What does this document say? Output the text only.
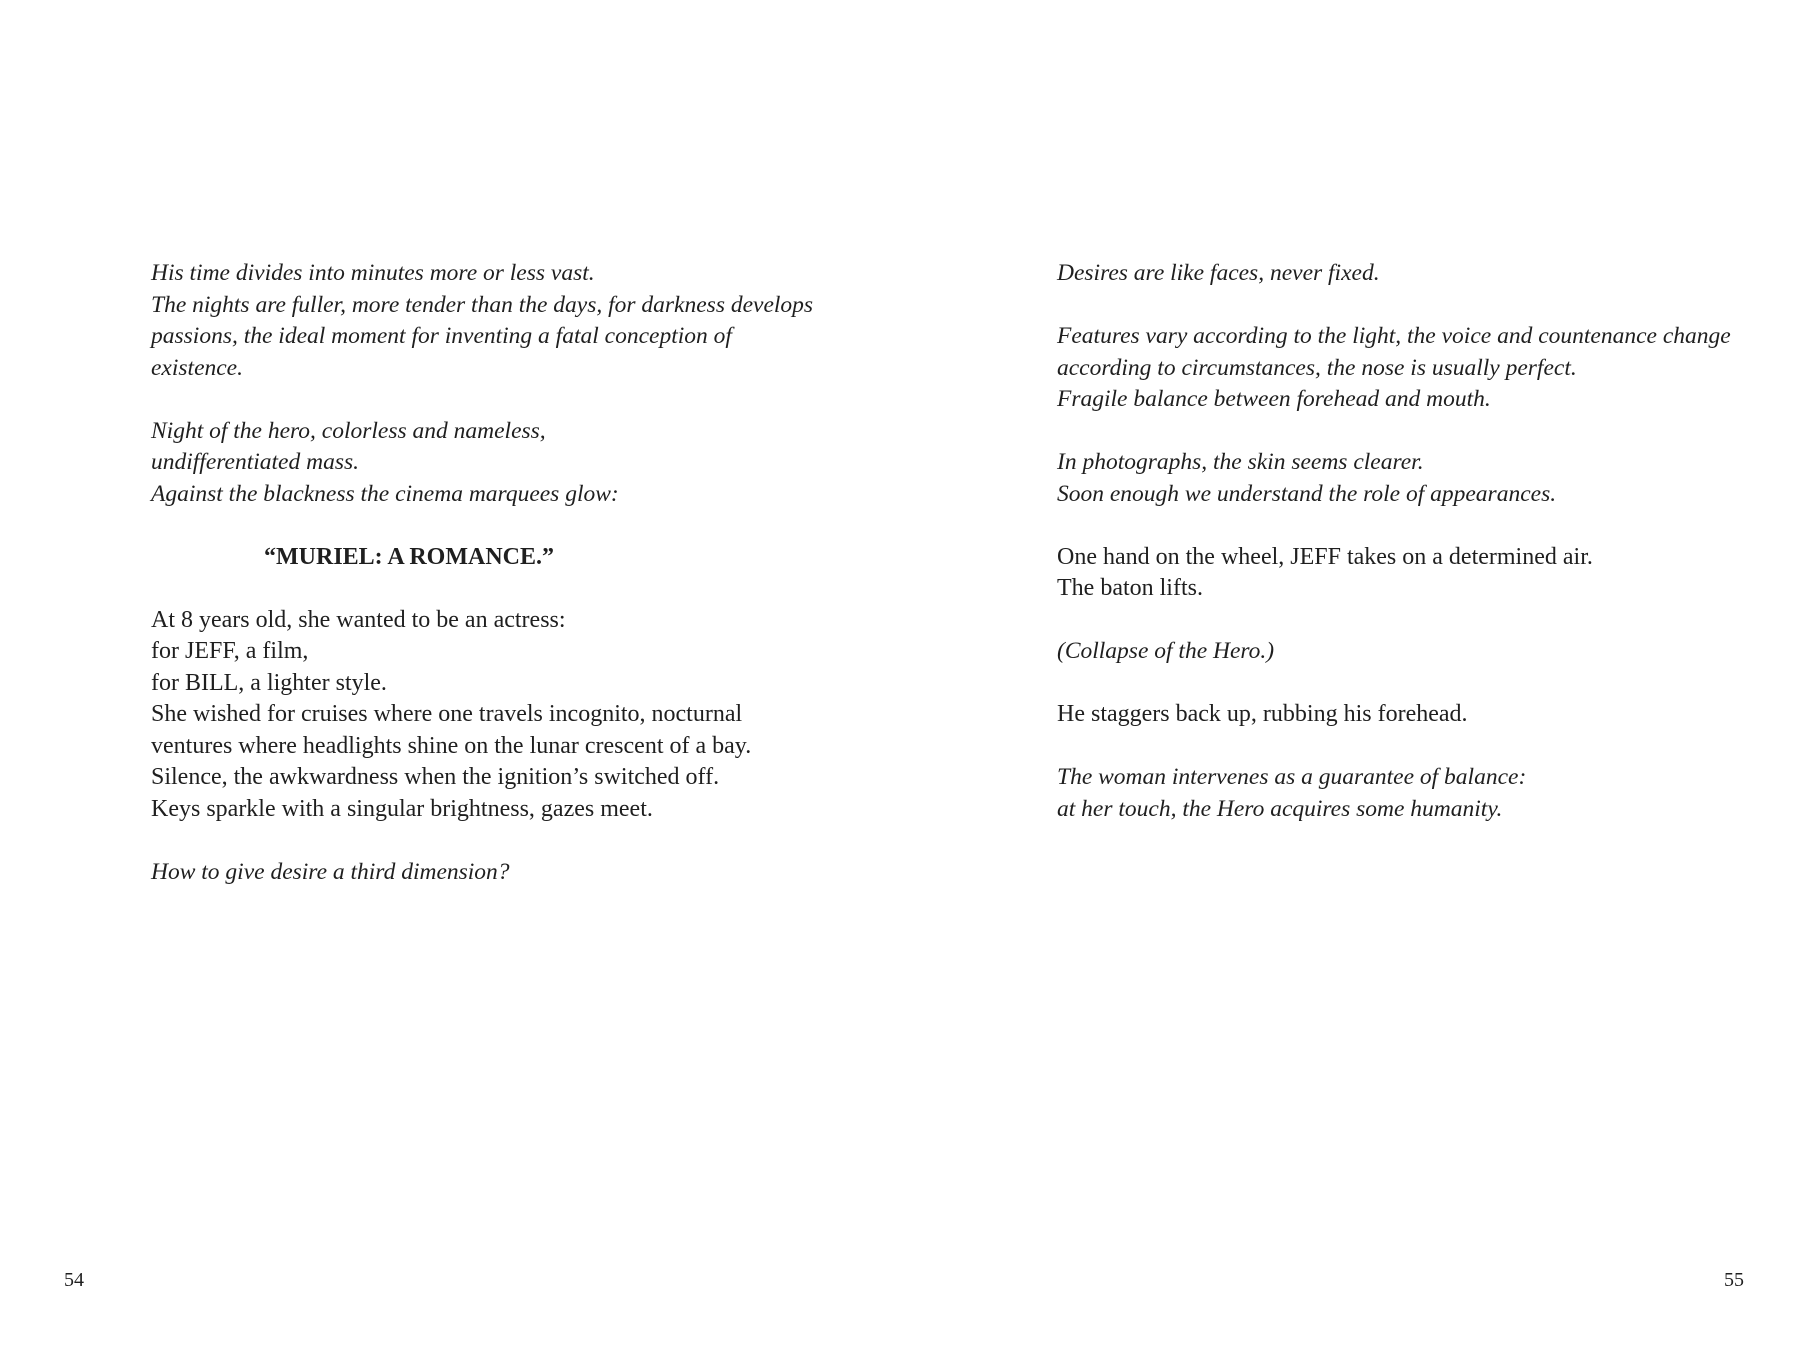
His time divides into minutes more or less vast.
The nights are fuller, more tender than the days, for darkness develops
passions, the ideal moment for inventing a fatal conception of
existence.
Night of the hero, colorless and nameless,
undifferentiated mass.
Against the blackness the cinema marquees glow:
“MURIEL: A ROMANCE.”
At 8 years old, she wanted to be an actress:
for JEFF, a film,
for BILL, a lighter style.
She wished for cruises where one travels incognito, nocturnal
ventures where headlights shine on the lunar crescent of a bay.
Silence, the awkwardness when the ignition’s switched off.
Keys sparkle with a singular brightness, gazes meet.
How to give desire a third dimension?
54
Desires are like faces, never fixed.
Features vary according to the light, the voice and countenance change
according to circumstances, the nose is usually perfect.
Fragile balance between forehead and mouth.
In photographs, the skin seems clearer.
Soon enough we understand the role of appearances.
One hand on the wheel, JEFF takes on a determined air.
The baton lifts.
(Collapse of the Hero.)
He staggers back up, rubbing his forehead.
The woman intervenes as a guarantee of balance:
at her touch, the Hero acquires some humanity.
55
